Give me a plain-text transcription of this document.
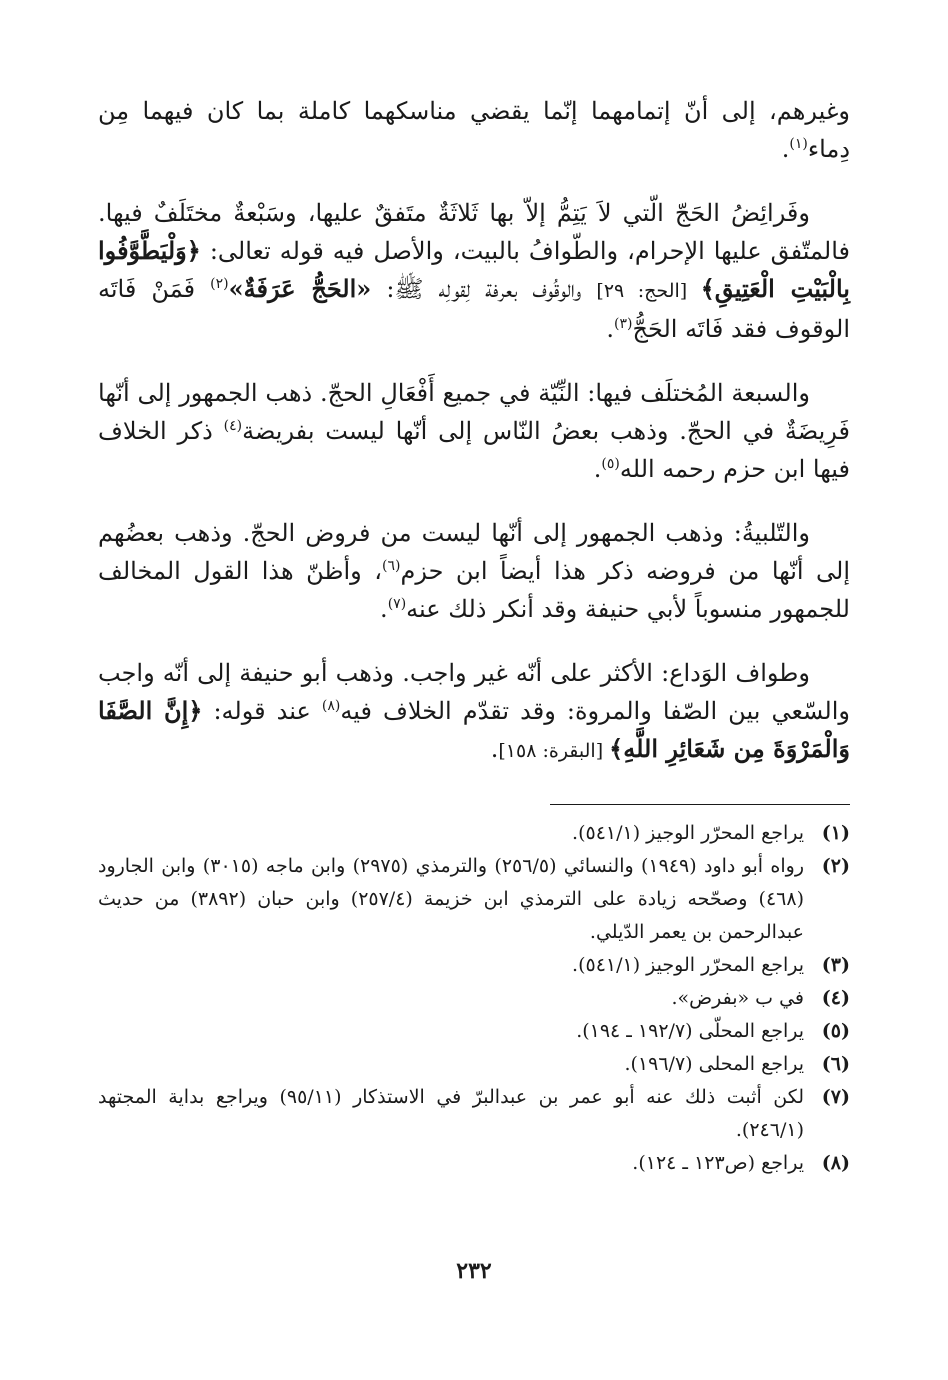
وغيرهم، إلى أنّ إتمامهما إنّما يقضي مناسكهما كاملة بما كان فيهما مِن دِماء$^{(١)}$.

وفَرائِضُ الحَجّ الّتي لاَ يَتِمُّ إلاّ بها ثَلاثَةٌ متَفقٌ عليها، وسَبْعةٌ مختَلَفٌ فيها. فالمتّفق عليها الإحرام، والطّوافُ بالبيت، والأصل فيه قوله تعالى: ﴿وَلْيَطَّوَّفُوا بِالْبَيْتِ الْعَتِيقِ﴾ [الحج: ٢٩] والوقُوف بعرفة لِقولِه ﷺ: «الحَجُّ عَرَفَةٌ»$^{(٢)}$ فَمَنْ فَاتَه الوقوف فقد فَاتَه الحَجُّ$^{(٣)}$.

والسبعة المُختلَف فيها: النِّيّة في جميع أَفْعَالِ الحجّ. ذهب الجمهور إلى أنّها فَرِيضَةٌ في الحجّ. وذهب بعضُ النّاس إلى أنّها ليست بفريضة$^{(٤)}$ ذكر الخلاف فيها ابن حزم رحمه الله$^{(٥)}$.

والتّلبيةُ: وذهب الجمهور إلى أنّها ليست من فروض الحجّ. وذهب بعضُهم إلى أنّها من فروضه ذكر هذا أيضاً ابن حزم$^{(٦)}$، وأظنّ هذا القول المخالف للجمهور منسوباً لأبي حنيفة وقد أنكر ذلك عنه$^{(٧)}$.

وطواف الوَداع: الأكثر على أنّه غير واجب. وذهب أبو حنيفة إلى أنّه واجب والسّعي بين الصّفا والمروة: وقد تقدّم الخلاف فيه$^{(٨)}$ عند قوله: ﴿إِنَّ الصَّفَا وَالْمَرْوَةَ مِن شَعَائِرِ اللَّهِ﴾ [البقرة: ١٥٨].

(١)
يراجع المحرّر الوجيز (٥٤١/١).
(٢)
رواه أبو داود (١٩٤٩) والنسائي (٢٥٦/٥) والترمذي (٢٩٧٥) وابن ماجه (٣٠١٥) وابن الجارود (٤٦٨) وصحّحه زيادة على الترمذي ابن خزيمة (٢٥٧/٤) وابن حبان (٣٨٩٢) من حديث عبدالرحمن بن يعمر الدّيلي.
(٣)
يراجع المحرّر الوجيز (٥٤١/١).
(٤)
في ب «بفرض».
(٥)
يراجع المحلّى (١٩٢/٧ ـ ١٩٤).
(٦)
يراجع المحلى (١٩٦/٧).
(٧)
لكن أثبت ذلك عنه أبو عمر بن عبدالبرّ في الاستذكار (٩٥/١١) ويراجع بداية المجتهد (٢٤٦/١).
(٨)
يراجع (ص١٢٣ ـ ١٢٤).
٢٣٢
